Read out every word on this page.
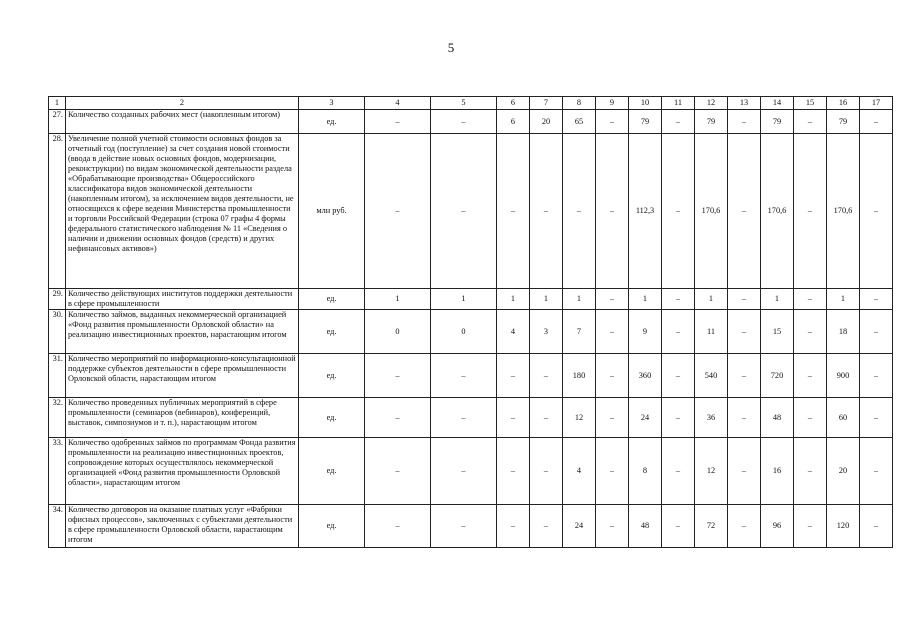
5
1	2	3	4	5	6	7	8	9	10	11	12	13	14	15	16	17
27.	Количество созданных рабочих мест (накопленным итогом)	ед.	–	–	6	20	65	–	79	–	79	–	79	–	79	–
28.	Увеличение полной учетной стоимости основных фондов за отчетный год (поступление) за счет создания новой стоимости (ввода в действие новых основных фондов, модернизации, реконструкции) по видам экономической деятельности раздела «Обрабатывающие производства» Общероссийского классификатора видов экономической деятельности (накопленным итогом), за исключением видов деятельности, не относящихся к сфере ведения Министерства промышленности и торговли Российской Федерации (строка 07 графы 4 формы федерального статистического наблюдения № 11 «Сведения о наличии и движении основных фондов (средств) и других нефинансовых активов»)	млн руб.	–	–	–	–	–	–	112,3	–	170,6	–	170,6	–	170,6	–
29.	Количество действующих институтов поддержки деятельности в сфере промышленности	ед.	1	1	1	1	1	–	1	–	1	–	1	–	1	–
30.	Количество займов, выданных некоммерческой организацией «Фонд развития промышленности Орловской области» на реализацию инвестиционных проектов, нарастающим итогом	ед.	0	0	4	3	7	–	9	–	11	–	15	–	18	–
31.	Количество мероприятий по информационно-консультационной поддержке субъектов деятельности в сфере промышленности Орловской области, нарастающим итогом	ед.	–	–	–	–	180	–	360	–	540	–	720	–	900	–
32.	Количество проведенных публичных мероприятий в сфере промышленности (семинаров (вебинаров), конференций, выставок, симпозиумов и т. п.), нарастающим итогом	ед.	–	–	–	–	12	–	24	–	36	–	48	–	60	–
33.	Количество одобренных займов по программам Фонда развития промышленности на реализацию инвестиционных проектов, сопровождение которых осуществлялось некоммерческой организацией «Фонд развития промышленности Орловской области», нарастающим итогом	ед.	–	–	–	–	4	–	8	–	12	–	16	–	20	–
34.	Количество договоров на оказание платных услуг «Фабрики офисных процессов», заключенных с субъектами деятельности в сфере промышленности Орловской области, нарастающим итогом	ед.	–	–	–	–	24	–	48	–	72	–	96	–	120	–
